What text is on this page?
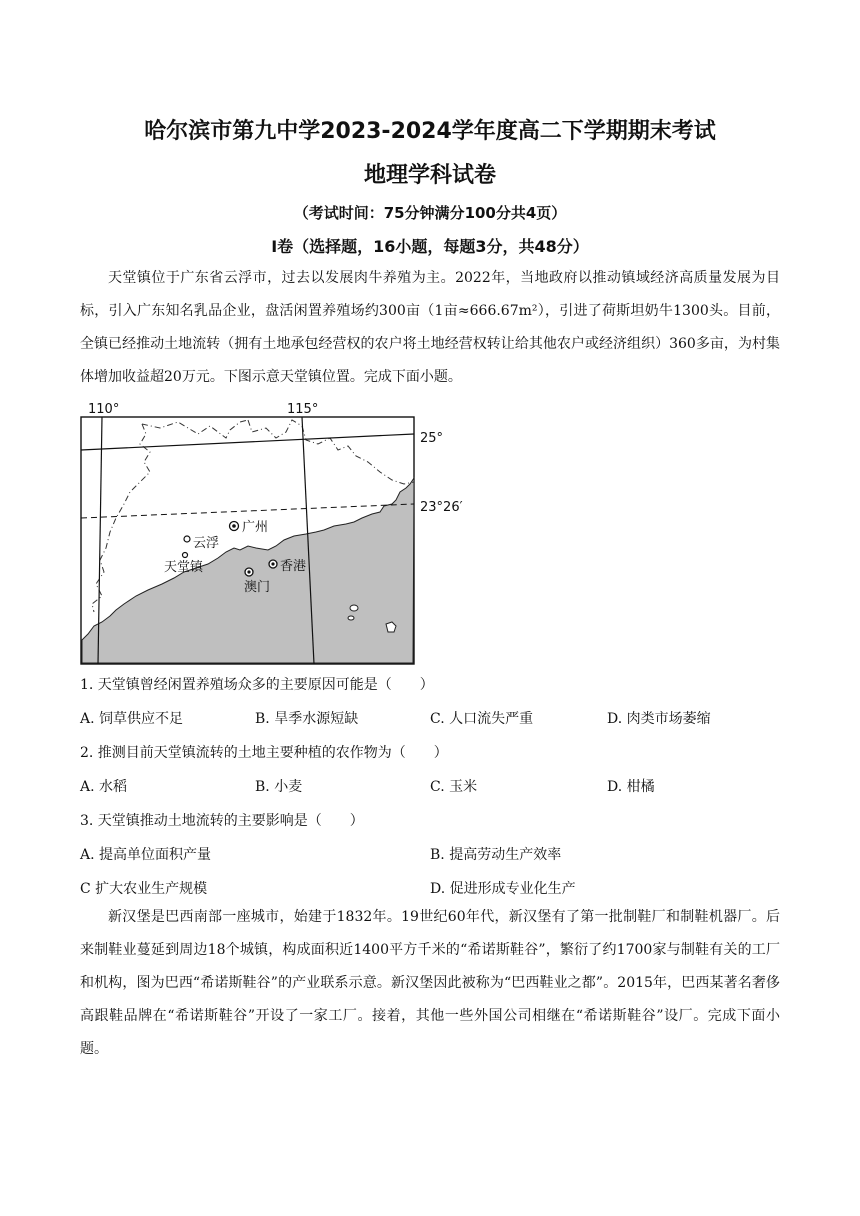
哈尔滨市第九中学2023-2024学年度高二下学期期末考试
地理学科试卷
（考试时间：75分钟满分100分共4页）
Ⅰ卷（选择题，16小题，每题3分，共48分）

天堂镇位于广东省云浮市，过去以发展肉牛养殖为主。2022年，当地政府以推动镇域经济高质量发展为目标，引入广东知名乳品企业，盘活闲置养殖场约300亩（1亩≈666.67m²），引进了荷斯坦奶牛1300头。目前，全镇已经推动土地流转（拥有土地承包经营权的农户将土地经营权转让给其他农户或经济组织）360多亩，为村集体增加收益超20万元。下图示意天堂镇位置。完成下面小题。

110°	115°
25°
23°26′
广州
云浮
天堂镇	香港
澳门
1. 天堂镇曾经闲置养殖场众多的主要原因可能是（　　）
A. 饲草供应不足	B. 旱季水源短缺	C. 人口流失严重	D. 肉类市场萎缩
2. 推测目前天堂镇流转的土地主要种植的农作物为（　　）
A. 水稻	B. 小麦	C. 玉米	D. 柑橘
3. 天堂镇推动土地流转的主要影响是（　　）
A. 提高单位面积产量	B. 提高劳动生产效率
C 扩大农业生产规模	D. 促进形成专业化生产

新汉堡是巴西南部一座城市，始建于1832年。19世纪60年代，新汉堡有了第一批制鞋厂和制鞋机器厂。后来制鞋业蔓延到周边18个城镇，构成面积近1400平方千米的“希诺斯鞋谷”，繁衍了约1700家与制鞋有关的工厂和机构，图为巴西“希诺斯鞋谷”的产业联系示意。新汉堡因此被称为“巴西鞋业之都”。2015年，巴西某著名奢侈高跟鞋品牌在“希诺斯鞋谷”开设了一家工厂。接着，其他一些外国公司相继在“希诺斯鞋谷”设厂。完成下面小题。
